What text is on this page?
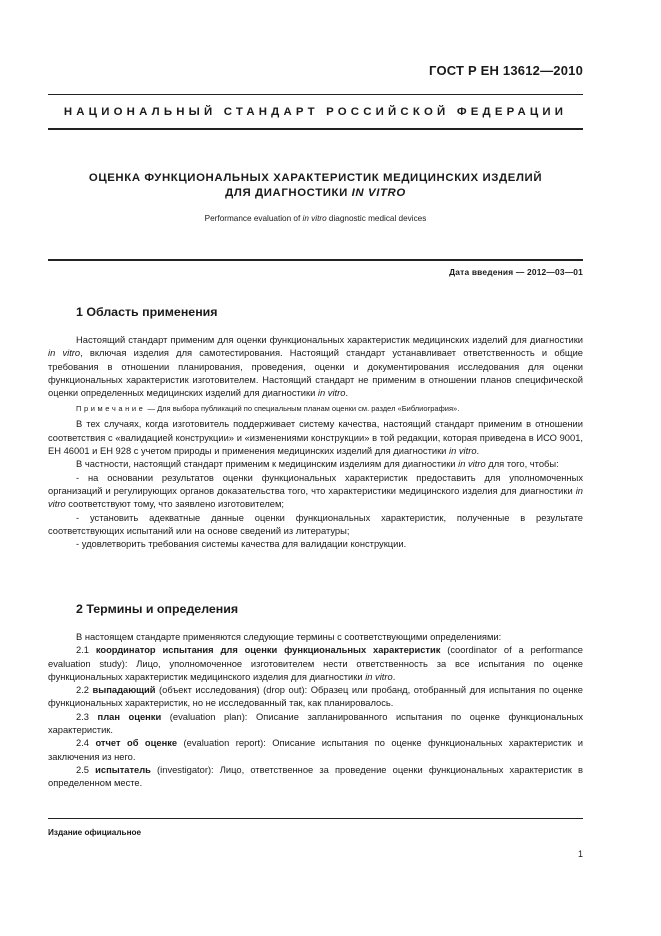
ГОСТ Р ЕН 13612—2010
НАЦИОНАЛЬНЫЙ СТАНДАРТ РОССИЙСКОЙ ФЕДЕРАЦИИ
ОЦЕНКА ФУНКЦИОНАЛЬНЫХ ХАРАКТЕРИСТИК МЕДИЦИНСКИХ ИЗДЕЛИЙ
ДЛЯ ДИАГНОСТИКИ IN VITRO
Performance evaluation of in vitro diagnostic medical devices
Дата введения — 2012—03—01
1 Область применения

Настоящий стандарт применим для оценки функциональных характеристик медицинских изделий для диагностики in vitro, включая изделия для самотестирования. Настоящий стандарт устанавливает ответственность и общие требования в отношении планирования, проведения, оценки и документирования исследования для оценки функциональных характеристик изготовителем. Настоящий стандарт не применим в отношении планов специфической оценки определенных медицинских изделий для диагностики in vitro.

Примечание — Для выбора публикаций по специальным планам оценки см. раздел «Библиография».

В тех случаях, когда изготовитель поддерживает систему качества, настоящий стандарт применим в отношении соответствия с «валидацией конструкции» и «изменениями конструкции» в той редакции, которая приведена в ИСО 9001, ЕН 46001 и ЕН 928 с учетом природы и применения медицинских изделий для диагностики in vitro.

В частности, настоящий стандарт применим к медицинским изделиям для диагностики in vitro для того, чтобы:

- на основании результатов оценки функциональных характеристик предоставить для уполномоченных организаций и регулирующих органов доказательства того, что характеристики медицинского изделия для диагностики in vitro соответствуют тому, что заявлено изготовителем;

- установить адекватные данные оценки функциональных характеристик, полученные в результате соответствующих испытаний или на основе сведений из литературы;

- удовлетворить требования системы качества для валидации конструкции.

2 Термины и определения

В настоящем стандарте применяются следующие термины с соответствующими определениями:

2.1 координатор испытания для оценки функциональных характеристик (coordinator of a performance evaluation study): Лицо, уполномоченное изготовителем нести ответственность за все испытания по оценке функциональных характеристик медицинского изделия для диагностики in vitro.

2.2 выпадающий (объект исследования) (drop out): Образец или пробанд, отобранный для испытания по оценке функциональных характеристик, но не исследованный так, как планировалось.

2.3 план оценки (evaluation plan): Описание запланированного испытания по оценке функциональных характеристик.

2.4 отчет об оценке (evaluation report): Описание испытания по оценке функциональных характеристик и заключения из него.

2.5 испытатель (investigator): Лицо, ответственное за проведение оценки функциональных характеристик в определенном месте.

Издание официальное
1
